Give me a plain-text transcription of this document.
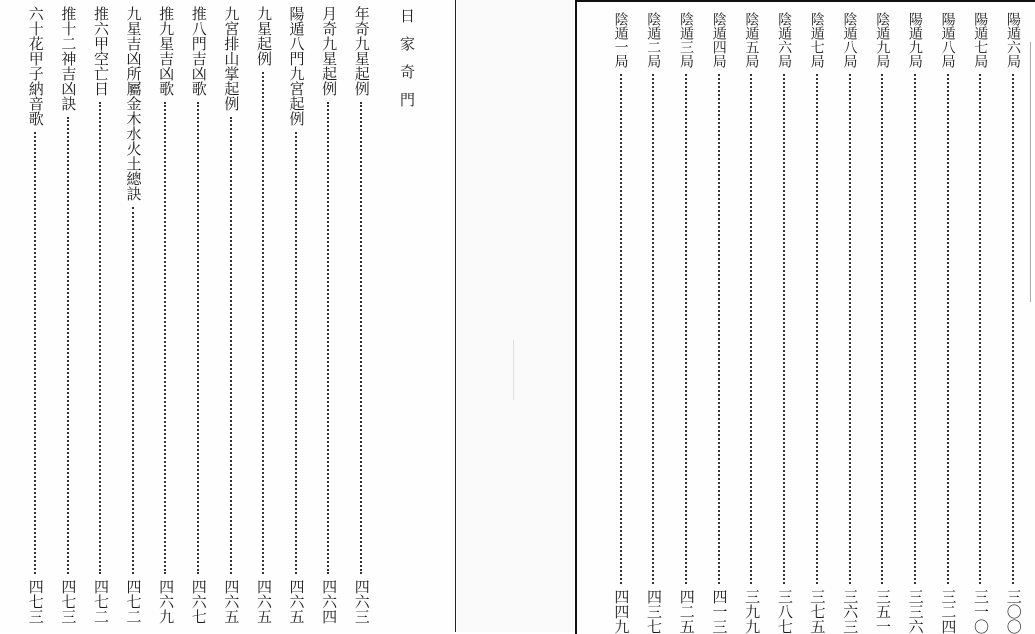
日家奇門
年奇九星起例
四六三
月奇九星起例
四六四
陽遁八門九宮起例
四六五
九星起例
四六五
九宮排山掌起例
四六五
推八門吉凶歌
四六七
推九星吉凶歌
四六九
九星吉凶所屬金木水火土總訣
四七二
推六甲空亡日
四七二
推十二神吉凶訣
四七三
六十花甲子納音歌
四七三
陽遁六局
三〇〇
陽遁七局
三一〇
陽遁八局
三二四
陽遁九局
三三六
陰遁九局
三五一
陰遁八局
三六三
陰遁七局
三七五
陰遁六局
三八七
陰遁五局
三九九
陰遁四局
四一三
陰遁三局
四二五
陰遁二局
四三七
陰遁一局
四四九
